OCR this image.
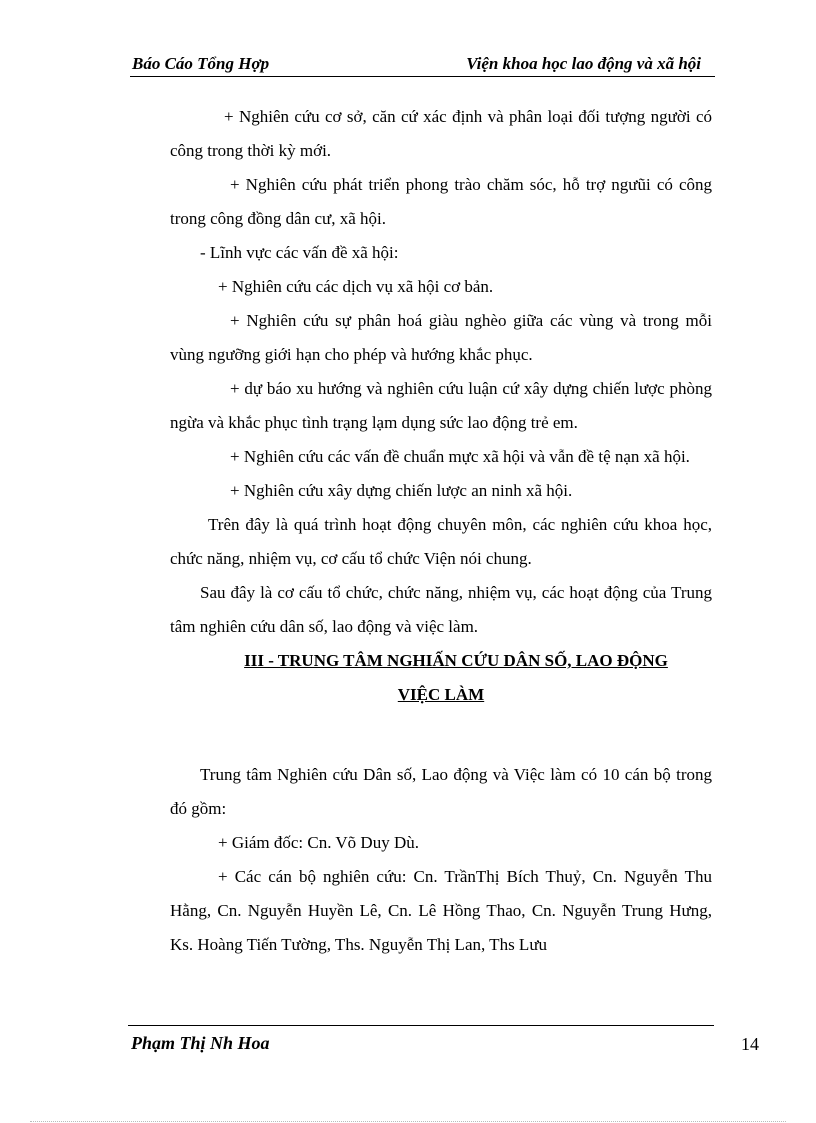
Báo Cáo Tổng Hợp	Viện khoa học lao động và xã hội

+ Nghiên cứu cơ sở, căn cứ xác định và phân loại đối tượng người có công trong thời kỳ mới.

+ Nghiên cứu phát triển phong trào chăm sóc, hỗ trợ ngưũi có công trong công đồng dân cư, xã hội.

- Lĩnh vực các vấn đề xã hội:

+ Nghiên cứu các dịch vụ xã hội cơ bản.

+ Nghiên cứu sự phân hoá giàu nghèo giữa các vùng và trong mỗi vùng ngưỡng giới hạn cho phép và hướng khắc phục.

+ dự báo xu hướng và nghiên cứu luận cứ xây dựng chiến lược phòng ngừa và khắc phục tình trạng lạm dụng sức lao động trẻ em.

+ Nghiên cứu các vấn đề chuẩn mực xã hội và vẫn đề tệ nạn xã hội.

+ Nghiên cứu xây dựng chiến lược an ninh xã hội.

Trên đây là quá trình hoạt động chuyên môn, các nghiên cứu khoa học, chức năng, nhiệm vụ, cơ cấu tổ chức Viện nói chung.

Sau đây là cơ cấu tổ chức, chức năng, nhiệm vụ, các hoạt động của Trung tâm nghiên cứu dân số, lao động và việc làm.

III - TRUNG TÂM NGHIẤN CỨU DÂN SỐ, LAO ĐỘNG

VIỆC LÀM

Trung tâm Nghiên cứu Dân số, Lao động và Việc làm có 10 cán bộ trong đó gồm:

+ Giám đốc: Cn. Võ Duy Dù.

+ Các cán bộ nghiên cứu: Cn. TrầnThị Bích Thuỷ, Cn. Nguyễn Thu Hằng, Cn. Nguyễn Huyền Lê, Cn. Lê Hồng Thao, Cn. Nguyễn Trung Hưng, Ks. Hoàng Tiến Tường, Ths. Nguyễn Thị Lan, Ths Lưu

Phạm Thị Nh Hoa	14
